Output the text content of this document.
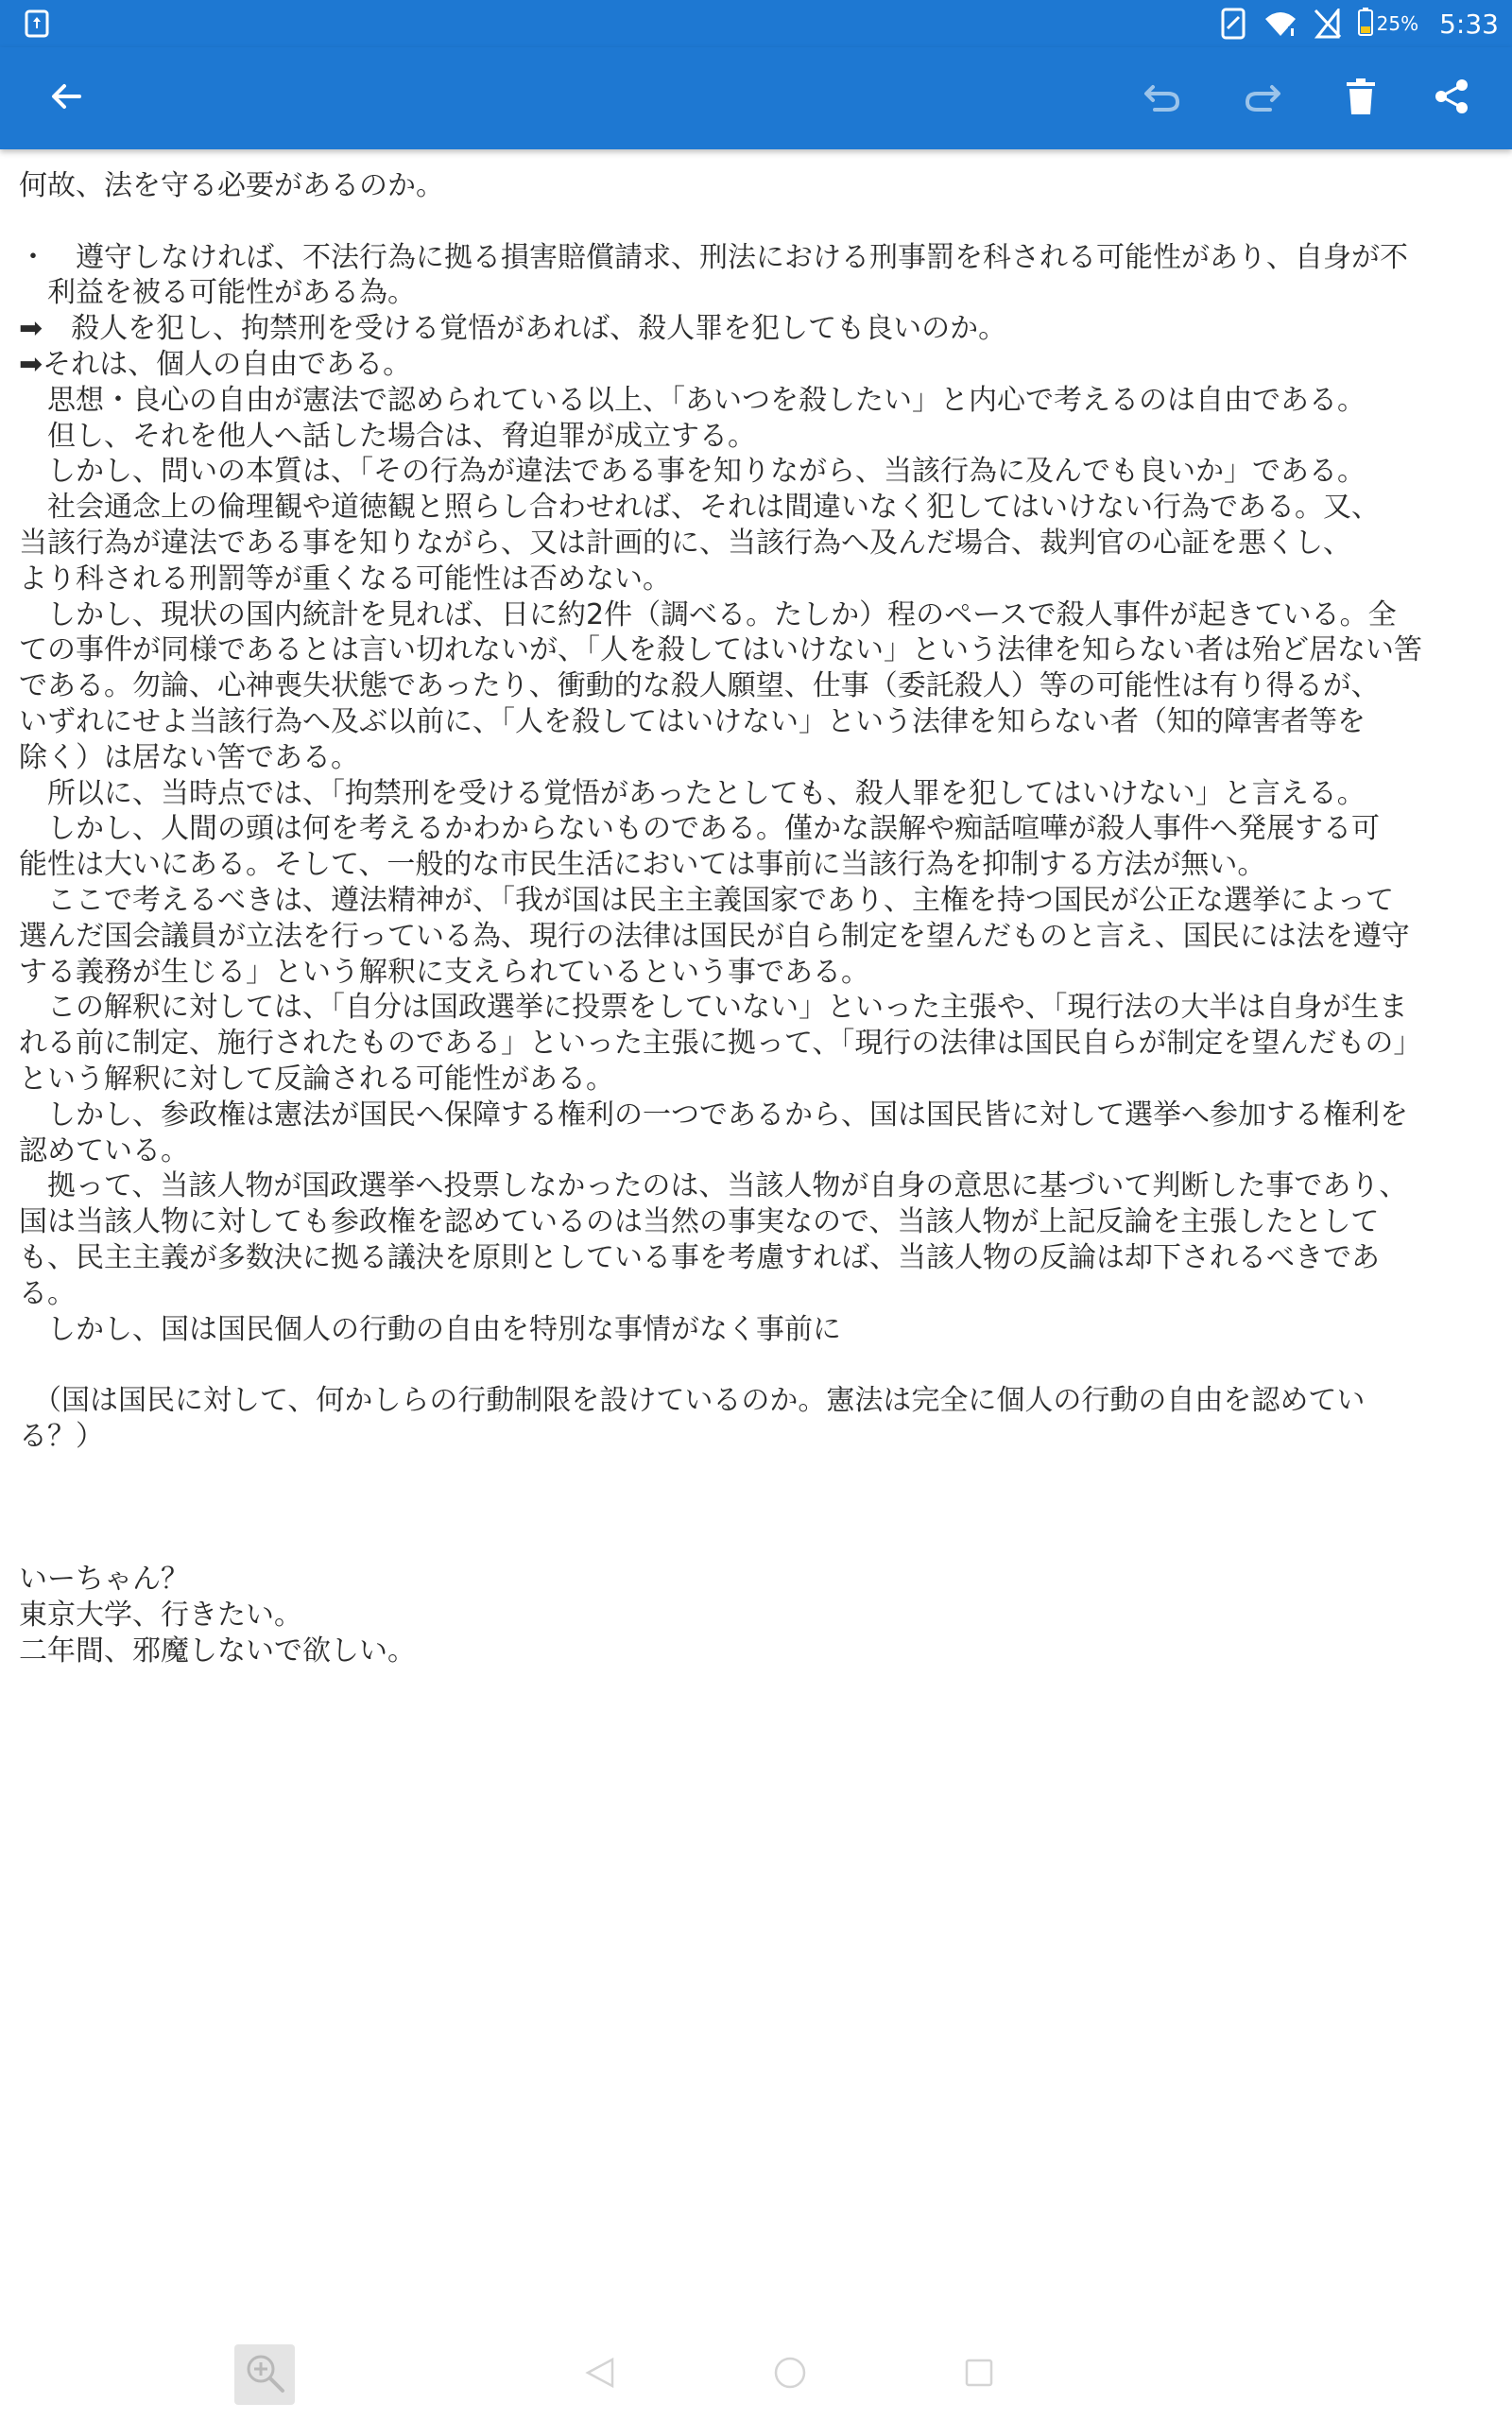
25% 5:33
何故、法を守る必要があるのか。

・　遵守しなければ、不法行為に拠る損害賠償請求、刑法における刑事罰を科される可能性があり、自身が不
　利益を被る可能性がある為。
➡　殺人を犯し、拘禁刑を受ける覚悟があれば、殺人罪を犯しても良いのか。
➡それは、個人の自由である。
　思想・良心の自由が憲法で認められている以上、「あいつを殺したい」と内心で考えるのは自由である。
　但し、それを他人へ話した場合は、脅迫罪が成立する。
　しかし、問いの本質は、「その行為が違法である事を知りながら、当該行為に及んでも良いか」である。
　社会通念上の倫理観や道徳観と照らし合わせれば、それは間違いなく犯してはいけない行為である。又、
当該行為が違法である事を知りながら、又は計画的に、当該行為へ及んだ場合、裁判官の心証を悪くし、
より科される刑罰等が重くなる可能性は否めない。
　しかし、現状の国内統計を見れば、日に約2件（調べる。たしか）程のペースで殺人事件が起きている。全
ての事件が同様であるとは言い切れないが、「人を殺してはいけない」という法律を知らない者は殆ど居ない筈
である。勿論、心神喪失状態であったり、衝動的な殺人願望、仕事（委託殺人）等の可能性は有り得るが、
いずれにせよ当該行為へ及ぶ以前に、「人を殺してはいけない」という法律を知らない者（知的障害者等を
除く）は居ない筈である。
　所以に、当時点では、「拘禁刑を受ける覚悟があったとしても、殺人罪を犯してはいけない」と言える。
　しかし、人間の頭は何を考えるかわからないものである。僅かな誤解や痴話喧嘩が殺人事件へ発展する可
能性は大いにある。そして、一般的な市民生活においては事前に当該行為を抑制する方法が無い。
　ここで考えるべきは、遵法精神が、「我が国は民主主義国家であり、主権を持つ国民が公正な選挙によって
選んだ国会議員が立法を行っている為、現行の法律は国民が自ら制定を望んだものと言え、国民には法を遵守
する義務が生じる」という解釈に支えられているという事である。
　この解釈に対しては、「自分は国政選挙に投票をしていない」といった主張や、「現行法の大半は自身が生ま
れる前に制定、施行されたものである」といった主張に拠って、「現行の法律は国民自らが制定を望んだもの」
という解釈に対して反論される可能性がある。
　しかし、参政権は憲法が国民へ保障する権利の一つであるから、国は国民皆に対して選挙へ参加する権利を
認めている。
　拠って、当該人物が国政選挙へ投票しなかったのは、当該人物が自身の意思に基づいて判断した事であり、
国は当該人物に対しても参政権を認めているのは当然の事実なので、当該人物が上記反論を主張したとして
も、民主主義が多数決に拠る議決を原則としている事を考慮すれば、当該人物の反論は却下されるべきであ
る。
　しかし、国は国民個人の行動の自由を特別な事情がなく事前に

　（国は国民に対して、何かしらの行動制限を設けているのか。憲法は完全に個人の行動の自由を認めてい
る？）

いーちゃん？
東京大学、行きたい。
二年間、邪魔しないで欲しい。
